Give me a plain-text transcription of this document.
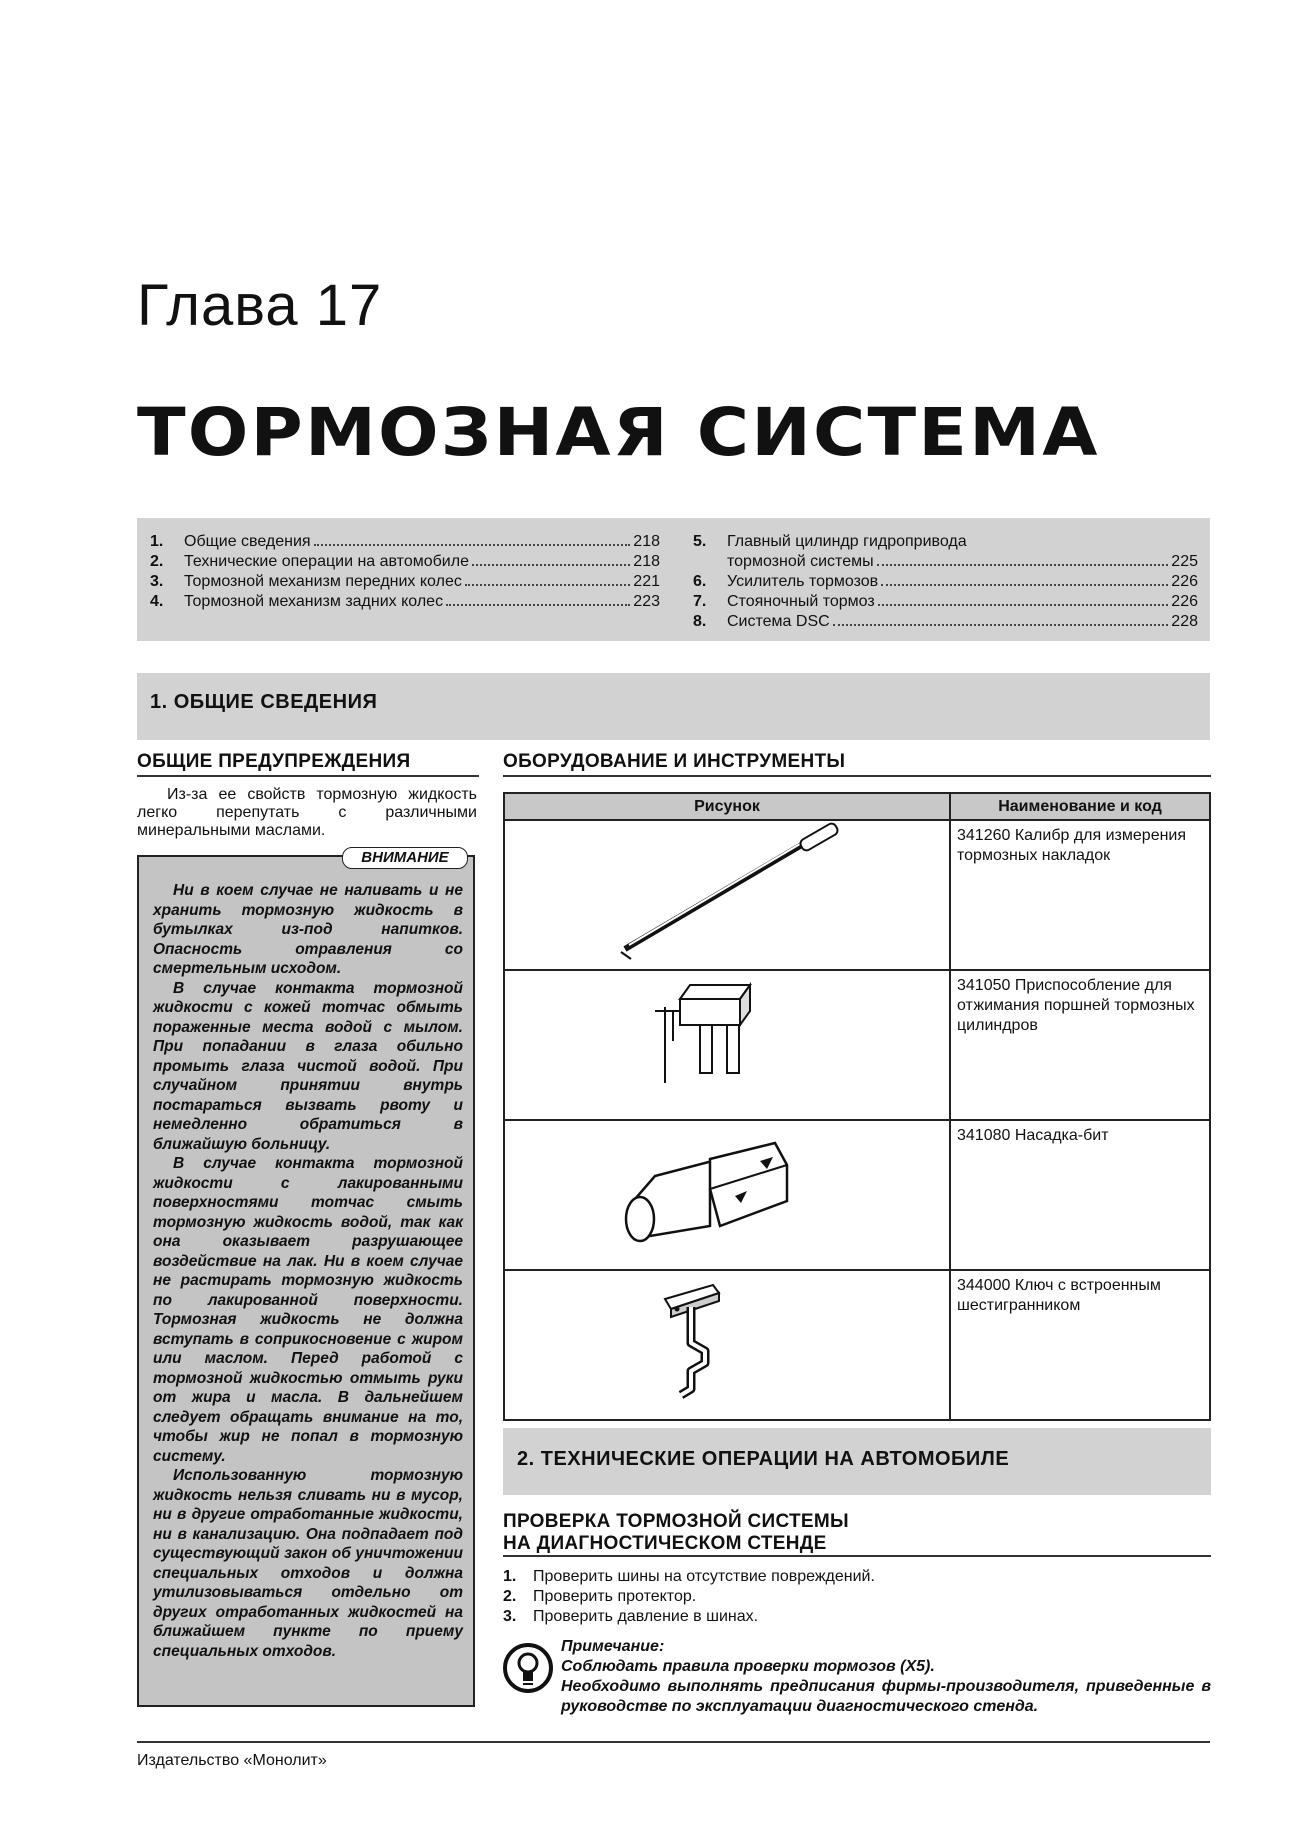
Глава 17
ТОРМОЗНАЯ СИСТЕМА
1.	Общие сведения	218
2.	Технические операции на автомобиле	218
3.	Тормозной механизм передних колес	221
4.	Тормозной механизм задних колес	223
5.	Главный цилиндр гидропривода
тормозной системы	225
6.	Усилитель тормозов	226
7.	Стояночный тормоз	226
8.	Система DSC	228
1. ОБЩИЕ СВЕДЕНИЯ
ОБЩИЕ ПРЕДУПРЕЖДЕНИЯ
Из-за ее свойств тормозную жидкость легко перепутать с различными минеральными маслами.
ВНИМАНИЕ

Ни в коем случае не наливать и не хранить тормозную жидкость в бутылках из-под напитков. Опасность отравления со смертельным исходом.

В случае контакта тормозной жидкости с кожей тотчас обмыть пораженные места водой с мылом. При попадании в глаза обильно промыть глаза чистой водой. При случайном принятии внутрь постараться вызвать рвоту и немедленно обратиться в ближайшую больницу.

В случае контакта тормозной жидкости с лакированными поверхностями тотчас смыть тормозную жидкость водой, так как она оказывает разрушающее воздействие на лак. Ни в коем случае не растирать тормозную жидкость по лакированной поверхности. Тормозная жидкость не должна вступать в соприкосновение с жиром или маслом. Перед работой с тормозной жидкостью отмыть руки от жира и масла. В дальнейшем следует обращать внимание на то, чтобы жир не попал в тормозную систему.

Использованную тормозную жидкость нельзя сливать ни в мусор, ни в другие отработанные жидкости, ни в канализацию. Она подпадает под существующий закон об уничтожении специальных отходов и должна утилизовываться отдельно от других отработанных жидкостей на ближайшем пункте по приему специальных отходов.

ОБОРУДОВАНИЕ И ИНСТРУМЕНТЫ
Рисунок	Наименование и код
	341260 Калибр для измерения тормозных накладок
	341050 Приспособление для отжимания поршней тормозных цилиндров
	341080 Насадка-бит
	344000 Ключ с встроенным шестигранником
2. ТЕХНИЧЕСКИЕ ОПЕРАЦИИ НА АВТОМОБИЛЕ
ПРОВЕРКА ТОРМОЗНОЙ СИСТЕМЫ
НА ДИАГНОСТИЧЕСКОМ СТЕНДЕ
1. Проверить шины на отсутствие повреждений.
2. Проверить протектор.
3. Проверить давление в шинах.
Примечание:
Соблюдать правила проверки тормозов (X5).
Необходимо выполнять предписания фирмы-производителя, приведенные в руководстве по эксплуатации диагностического стенда.
Издательство «Монолит»
